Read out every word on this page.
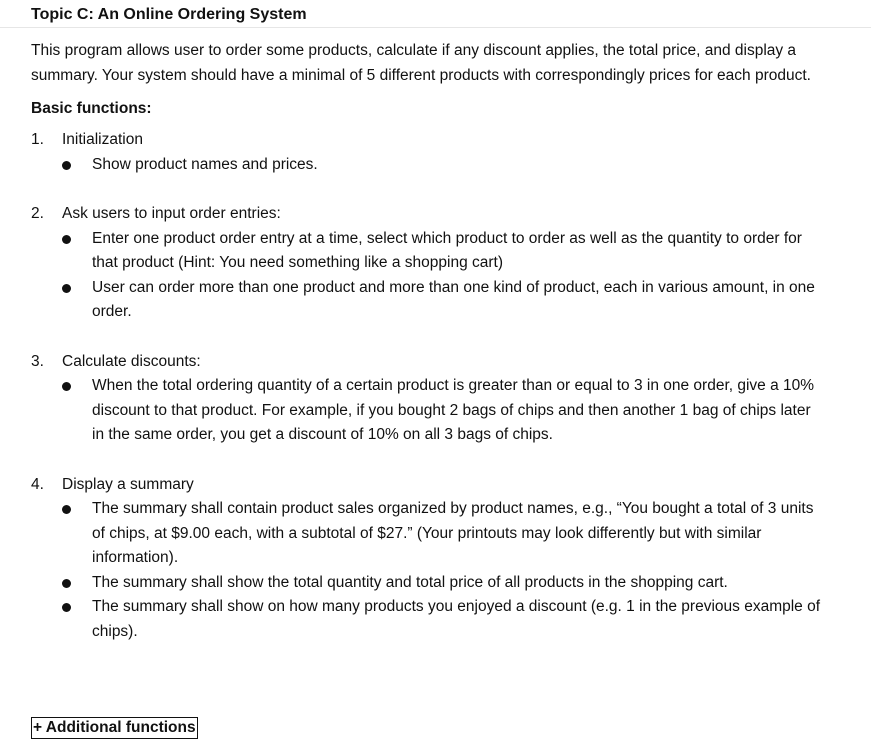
Topic C: An Online Ordering System

This program allows user to order some products, calculate if any discount applies, the total price, and display a summary. Your system should have a minimal of 5 different products with correspondingly prices for each product.

Basic functions:
1. Initialization
Show product names and prices.
2. Ask users to input order entries:
Enter one product order entry at a time, select which product to order as well as the quantity to order for that product (Hint: You need something like a shopping cart)
User can order more than one product and more than one kind of product, each in various amount, in one order.
3. Calculate discounts:
When the total ordering quantity of a certain product is greater than or equal to 3 in one order, give a 10% discount to that product. For example, if you bought 2 bags of chips and then another 1 bag of chips later in the same order, you get a discount of 10% on all 3 bags of chips.
4. Display a summary
The summary shall contain product sales organized by product names, e.g., “You bought a total of 3 units of chips, at $9.00 each, with a subtotal of $27.” (Your printouts may look differently but with similar information).
The summary shall show the total quantity and total price of all products in the shopping cart.
The summary shall show on how many products you enjoyed a discount (e.g. 1 in the previous example of chips).
+ Additional functions
